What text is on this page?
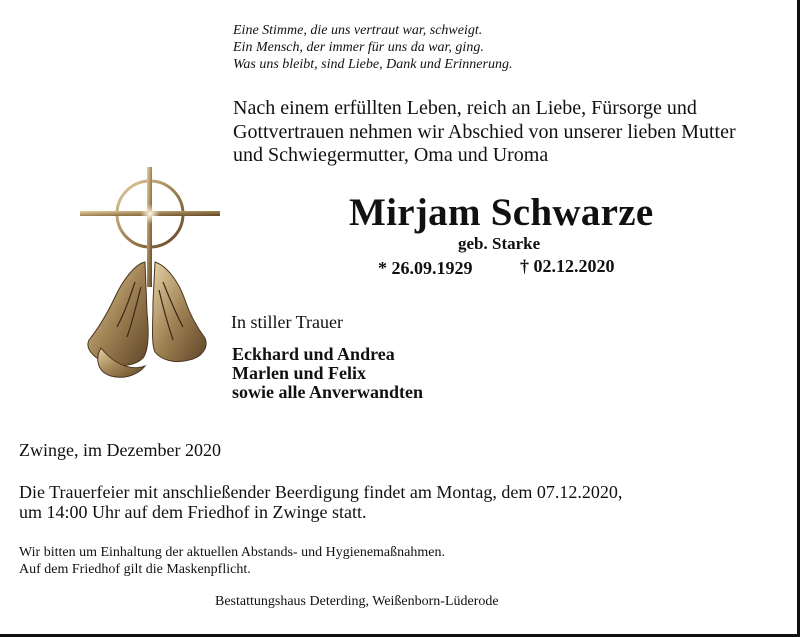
Eine Stimme, die uns vertraut war, schweigt.
Ein Mensch, der immer für uns da war, ging.
Was uns bleibt, sind Liebe, Dank und Erinnerung.
Nach einem erfüllten Leben, reich an Liebe, Fürsorge und
Gottvertrauen nehmen wir Abschied von unserer lieben Mutter
und Schwiegermutter, Oma und Uroma
Mirjam Schwarze
geb. Starke
* 26.09.1929	† 02.12.2020
In stiller Trauer
Eckhard und Andrea
Marlen und Felix
sowie alle Anverwandten
Zwinge, im Dezember 2020
Die Trauerfeier mit anschließender Beerdigung findet am Montag, dem 07.12.2020,
um 14:00 Uhr auf dem Friedhof in Zwinge statt.
Wir bitten um Einhaltung der aktuellen Abstands- und Hygienemaßnahmen.
Auf dem Friedhof gilt die Maskenpflicht.
Bestattungshaus Deterding, Weißenborn-Lüderode
